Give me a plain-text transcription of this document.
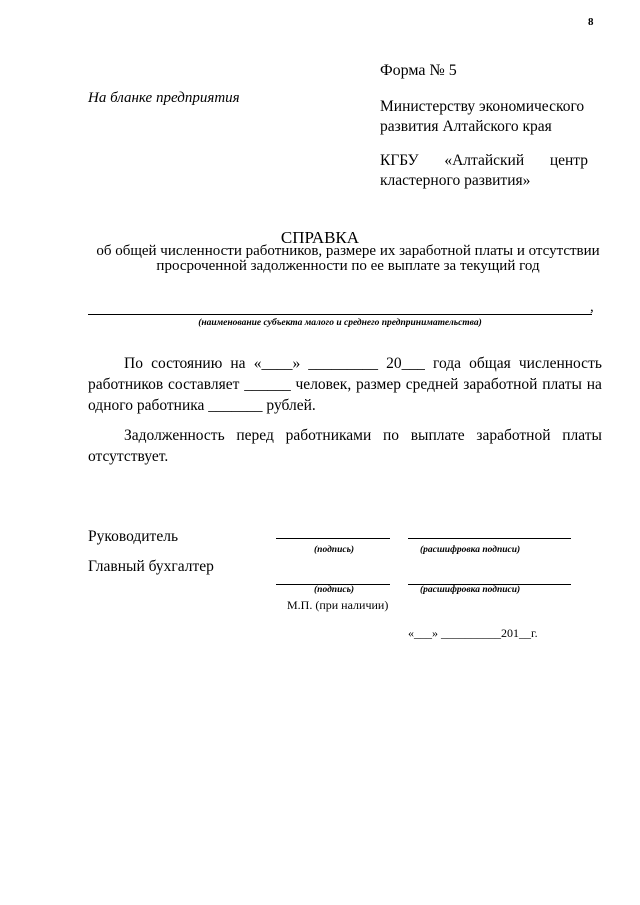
8
Форма № 5
На бланке предприятия	Министерству экономического
развития Алтайского края
КГБУ «Алтайский центр
кластерного развития»
СПРАВКА
об общей численности работников, размере их заработной платы и отсутствии просроченной задолженности по ее выплате за текущий год
,
(наименование субъекта малого и среднего предпринимательства)
По состоянию на «____» _________ 20___ года общая численность
работников составляет ______ человек, размер средней заработной платы на
одного работника _______ рублей.
Задолженность перед работниками по выплате заработной платы
отсутствует.
Руководитель
(подпись)	(расшифровка подписи)
Главный бухгалтер
(подпись)	(расшифровка подписи)
М.П. (при наличии)
«___» __________201__г.
